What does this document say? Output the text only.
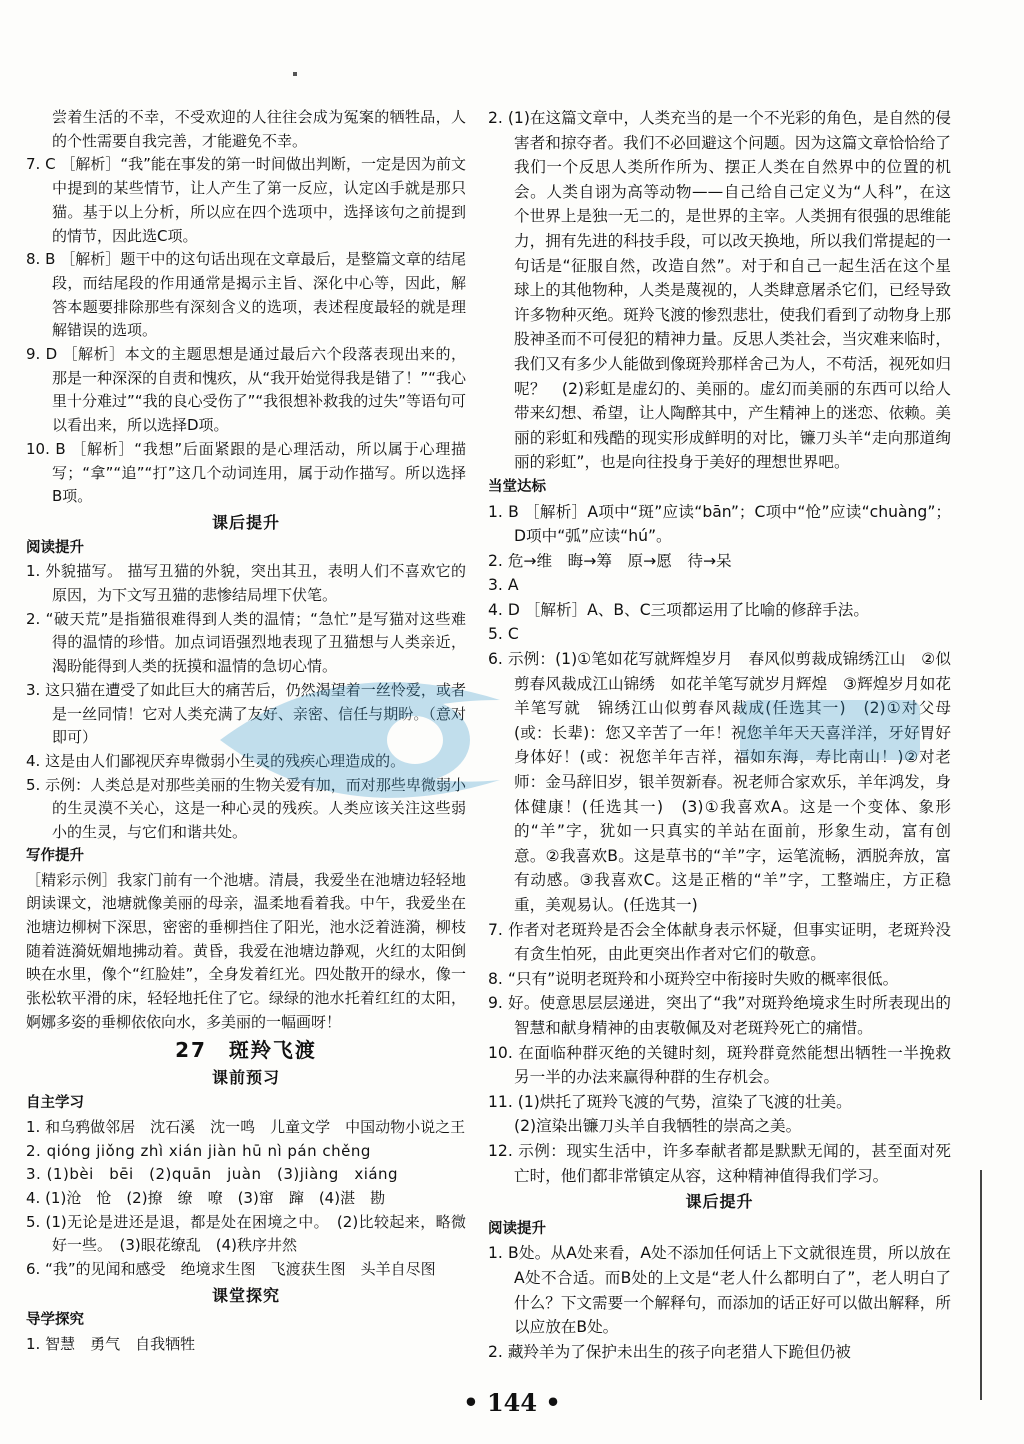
尝着生活的不幸，不受欢迎的人往往会成为冤案的牺牲品，人的个性需要自我完善，才能避免不幸。

7. C ［解析］“我”能在事发的第一时间做出判断，一定是因为前文中提到的某些情节，让人产生了第一反应，认定凶手就是那只猫。基于以上分析，所以应在四个选项中，选择该句之前提到的情节，因此选C项。

8. B ［解析］题干中的这句话出现在文章最后，是整篇文章的结尾段，而结尾段的作用通常是揭示主旨、深化中心等，因此，解答本题要排除那些有深刻含义的选项，表述程度最轻的就是理解错误的选项。

9. D ［解析］本文的主题思想是通过最后六个段落表现出来的，那是一种深深的自责和愧疚，从“我开始觉得我是错了！”“我心里十分难过”“我的良心受伤了”“我很想补救我的过失”等语句可以看出来，所以选择D项。

10. B ［解析］“我想”后面紧跟的是心理活动，所以属于心理描写；“拿”“追”“打”这几个动词连用，属于动作描写。所以选择B项。

课后提升

阅读提升

1. 外貌描写。 描写丑猫的外貌，突出其丑，表明人们不喜欢它的原因，为下文写丑猫的悲惨结局埋下伏笔。

2. “破天荒”是指猫很难得到人类的温情；“急忙”是写猫对这些难得的温情的珍惜。加点词语强烈地表现了丑猫想与人类亲近，渴盼能得到人类的抚摸和温情的急切心情。

3. 这只猫在遭受了如此巨大的痛苦后，仍然渴望着一丝怜爱，或者是一丝同情！它对人类充满了友好、亲密、信任与期盼。（意对即可）

4. 这是由人们鄙视厌弃卑微弱小生灵的残疾心理造成的。

5. 示例：人类总是对那些美丽的生物关爱有加，而对那些卑微弱小的生灵漠不关心，这是一种心灵的残疾。人类应该关注这些弱小的生灵，与它们和谐共处。

写作提升

［精彩示例］我家门前有一个池塘。清晨，我爱坐在池塘边轻轻地朗读课文，池塘就像美丽的母亲，温柔地看着我。中午，我爱坐在池塘边柳树下深思，密密的垂柳挡住了阳光，池水泛着涟漪，柳枝随着涟漪妩媚地拂动着。黄昏，我爱在池塘边静观，火红的太阳倒映在水里，像个“红脸娃”，全身发着红光。四处散开的绿水，像一张松软平滑的床，轻轻地托住了它。绿绿的池水托着红红的太阳，婀娜多姿的垂柳依依向水，多美丽的一幅画呀！

27　斑羚飞渡

课前预习

自主学习

1. 和乌鸦做邻居　沈石溪　沈一鸣　儿童文学　中国动物小说之王

2. qióng jiǒng zhì xián jiàn hū nì pán chěng

3. (1)bèi　bēi　(2)quān　juàn　(3)jiàng　xiáng

4. (1)沧　怆　(2)撩　缭　嘹　(3)窜　蹿　(4)湛　勘

5. (1)无论是进还是退，都是处在困境之中。　(2)比较起来，略微好一些。　(3)眼花缭乱　(4)秩序井然

6. “我”的见闻和感受　绝境求生图　飞渡获生图　头羊自尽图

课堂探究

导学探究

1. 智慧　勇气　自我牺牲

2. (1)在这篇文章中，人类充当的是一个不光彩的角色，是自然的侵害者和掠夺者。我们不必回避这个问题。因为这篇文章恰恰给了我们一个反思人类所作所为、摆正人类在自然界中的位置的机会。人类自诩为高等动物——自己给自己定义为“人科”，在这个世界上是独一无二的，是世界的主宰。人类拥有很强的思维能力，拥有先进的科技手段，可以改天换地，所以我们常提起的一句话是“征服自然，改造自然”。对于和自己一起生活在这个星球上的其他物种，人类是蔑视的，人类肆意屠杀它们，已经导致许多物种灭绝。斑羚飞渡的惨烈悲壮，使我们看到了动物身上那股神圣而不可侵犯的精神力量。反思人类社会，当灾难来临时，我们又有多少人能做到像斑羚那样舍己为人，不苟活，视死如归呢？　(2)彩虹是虚幻的、美丽的。虚幻而美丽的东西可以给人带来幻想、希望，让人陶醉其中，产生精神上的迷恋、依赖。美丽的彩虹和残酷的现实形成鲜明的对比，镰刀头羊“走向那道绚丽的彩虹”，也是向往投身于美好的理想世界吧。

当堂达标

1. B ［解析］A项中“斑”应读“bān”；C项中“怆”应读“chuàng”；D项中“弧”应读“hú”。

2. 危→维　晦→筹　原→愿　待→呆

3. A

4. D ［解析］A、B、C三项都运用了比喻的修辞手法。

5. C

6. 示例：(1)①笔如花写就辉煌岁月　春风似剪裁成锦绣江山　②似剪春风裁成江山锦绣　如花羊笔写就岁月辉煌　③辉煌岁月如花羊笔写就　锦绣江山似剪春风裁成(任选其一)　(2)①对父母(或：长辈)：您又辛苦了一年！祝您羊年天天喜洋洋，牙好胃好身体好！(或：祝您羊年吉祥，福如东海，寿比南山！)②对老师：金马辞旧岁，银羊贺新春。祝老师合家欢乐，羊年鸿发，身体健康！(任选其一)　(3)①我喜欢A。这是一个变体、象形的“羊”字，犹如一只真实的羊站在面前，形象生动，富有创意。②我喜欢B。这是草书的“羊”字，运笔流畅，洒脱奔放，富有动感。③我喜欢C。这是正楷的“羊”字，工整端庄，方正稳重，美观易认。(任选其一)

7. 作者对老斑羚是否会全体献身表示怀疑，但事实证明，老斑羚没有贪生怕死，由此更突出作者对它们的敬意。

8. “只有”说明老斑羚和小斑羚空中衔接时失败的概率很低。

9. 好。使意思层层递进，突出了“我”对斑羚绝境求生时所表现出的智慧和献身精神的由衷敬佩及对老斑羚死亡的痛惜。

10. 在面临种群灭绝的关键时刻，斑羚群竟然能想出牺牲一半挽救另一半的办法来赢得种群的生存机会。

11. (1)烘托了斑羚飞渡的气势，渲染了飞渡的壮美。

(2)渲染出镰刀头羊自我牺牲的崇高之美。

12. 示例：现实生活中，许多奉献者都是默默无闻的，甚至面对死亡时，他们都非常镇定从容，这种精神值得我们学习。

课后提升

阅读提升

1. B处。从A处来看，A处不添加任何话上下文就很连贯，所以放在A处不合适。而B处的上文是“老人什么都明白了”，老人明白了什么？下文需要一个解释句，而添加的话正好可以做出解释，所以应放在B处。

2. 藏羚羊为了保护未出生的孩子向老猎人下跪但仍被

• 144 •
